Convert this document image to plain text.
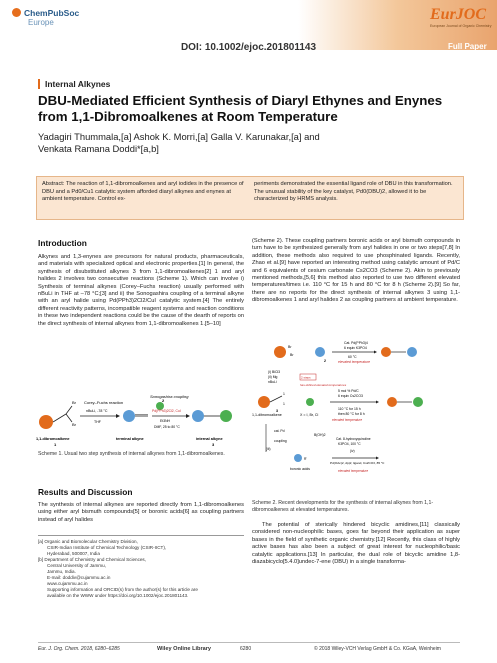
ChemPubSoc
Europe
DOI: 10.1002/ejoc.201801143
EurJOC
European Journal of Organic Chemistry
Full Paper
Internal Alkynes
DBU-Mediated Efficient Synthesis of Diaryl Ethynes and Enynes from 1,1-Dibromoalkenes at Room Temperature
Yadagiri Thummala,[a] Ashok K. Morri,[a] Galla V. Karunakar,[a] and
Venkata Ramana Doddi*[a,b]
Abstract: The reaction of 1,1-dibromoalkenes and aryl iodides in the presence of DBU and a Pd0/Cu1 catalytic system afforded diaryl alkynes and enynes at ambient temperature. Control ex-
periments demonstrated the essential ligand role of DBU in this transformation. The unusual stability of the key catalyst, Pd0(DBU)2, allowed it to be characterized by HRMS analysis.
Introduction
Alkynes and 1,3-enynes are precursors for natural products, pharmaceuticals, and materials with specialized optical and electronic properties.[1] In general, the synthesis of disubstituted alkynes 3 from 1,1-dibromoalkenes[2] 1 and aryl halides 2 involves two consecutive reactions (Scheme 1). Which can involve i) Synthesis of terminal alkynes (Corey–Fuchs reaction) usually performed with nBuLi in THF at –78 °C;[3] and ii) the Sonogashira coupling of a terminal alkyne with an aryl halide using Pd(PPh3)2Cl2/CuI catalytic system.[4] The entirely different reactivity patterns, incompatible reagent systems and reaction conditions in these two independent reactions could be the cause of the dearth of reports on the direct synthesis of internal alkynes from 1,1-dibromoalkenes 1.[5–10]
Br
Br
Corey–Fuchs reaction
nBuLi, -78 °C
THF
Sonogashira coupling
Pd(PPh3)2Cl2, CuI
Et3NH
DMF, 25 to 80 °C
1,1-dibromoalkene	terminal alkyne	internal alkyne
1
2
3
Scheme 1. Usual two step synthesis of internal alkynes from 1,1-dibromoalkenes.
Results and Discussion
The synthesis of internal alkynes are reported directly from 1,1-dibromoalkenes using either aryl bismuth compounds[5] or boronic acids[6] as coupling partners instead of aryl halides
[a] Organic and Biomolecular Chemistry Division,
CSIR-Indian Institute of Chemical Technology (CSIR-IICT),
Hyderabad, 500007, India
[b] Department of Chemistry and Chemical Sciences,
Central University of Jammu,
Jammu, India.
E-mail: doddiv@cujammu.ac.in
www.cujammu.ac.in
Supporting information and ORCID(s) from the author(s) for this article are
available on the WWW under https://doi.org/10.1002/ejoc.201801143.
(Scheme 2). These coupling partners boronic acids or aryl bismuth compounds in turn have to be synthesized generally from aryl halides in one or two steps[7,8] In addition, these methods also required to use phosphinated ligands. Recently, Zhao et al.[9] have reported an interesting method using catalytic amount of Pd/C and 6 equivalents of cesium carbonate Cs2CO3 (Scheme 2). Akin to previously mentioned methods,[5,6] this method also reported to use two different elevated temperatures/times i.e. 110 °C for 15 h and 80 °C for 8 h (Scheme 2).[9] So far, there are no reports for the direct synthesis of internal alkynes 3 using 1,1-dibromoalkenes 1 and aryl halides 2 as coupling partners at ambient temperature.
Br
Br
2
Cat. Pd(PPh3)4
6 equiv K3PO4
60 °C
elevated temperature
(i) BiCl3
(ii) Mg
nBuLi
2 steps
has defined elevated temperatures
1
1
1,1-dibromoalkene
3
X = I, Br, Cl
5 mol % Pd/C
6 equiv Cs2CO3
110 °C for 15 h
then 80 °C for 8 h
elevated temperature
cat. Pd
coupling
(iii)
R'
boronic acids
Cat. 8-hydroxyquinoline
K3PO4, 100 °C
(iv)
Pd(OAc)2, dppf, ligand, Cs2CO3, 85 °C
elevated temperature
B(OH)2
Scheme 2. Recent developments for the synthesis of internal alkynes from 1,1-dibromoalkenes at elevated temperatures.
The potential of sterically hindered bicyclic amidines,[11] classically considered non-nucleophilic bases, goes far beyond their application as super bases in the field of synthetic organic chemistry.[12] Recently, this class of highly active bases has also been a subject of great interest for nucleophilic/basic catalytic applications.[13] In particular, the dual role of bicyclic amidine 1,8-diazabicyclo[5.4.0]undec-7-ene (DBU) in a single transforma-
Eur. J. Org. Chem. 2018, 6280–6285	Wiley Online Library	6280	© 2018 Wiley-VCH Verlag GmbH & Co. KGaA, Weinheim
